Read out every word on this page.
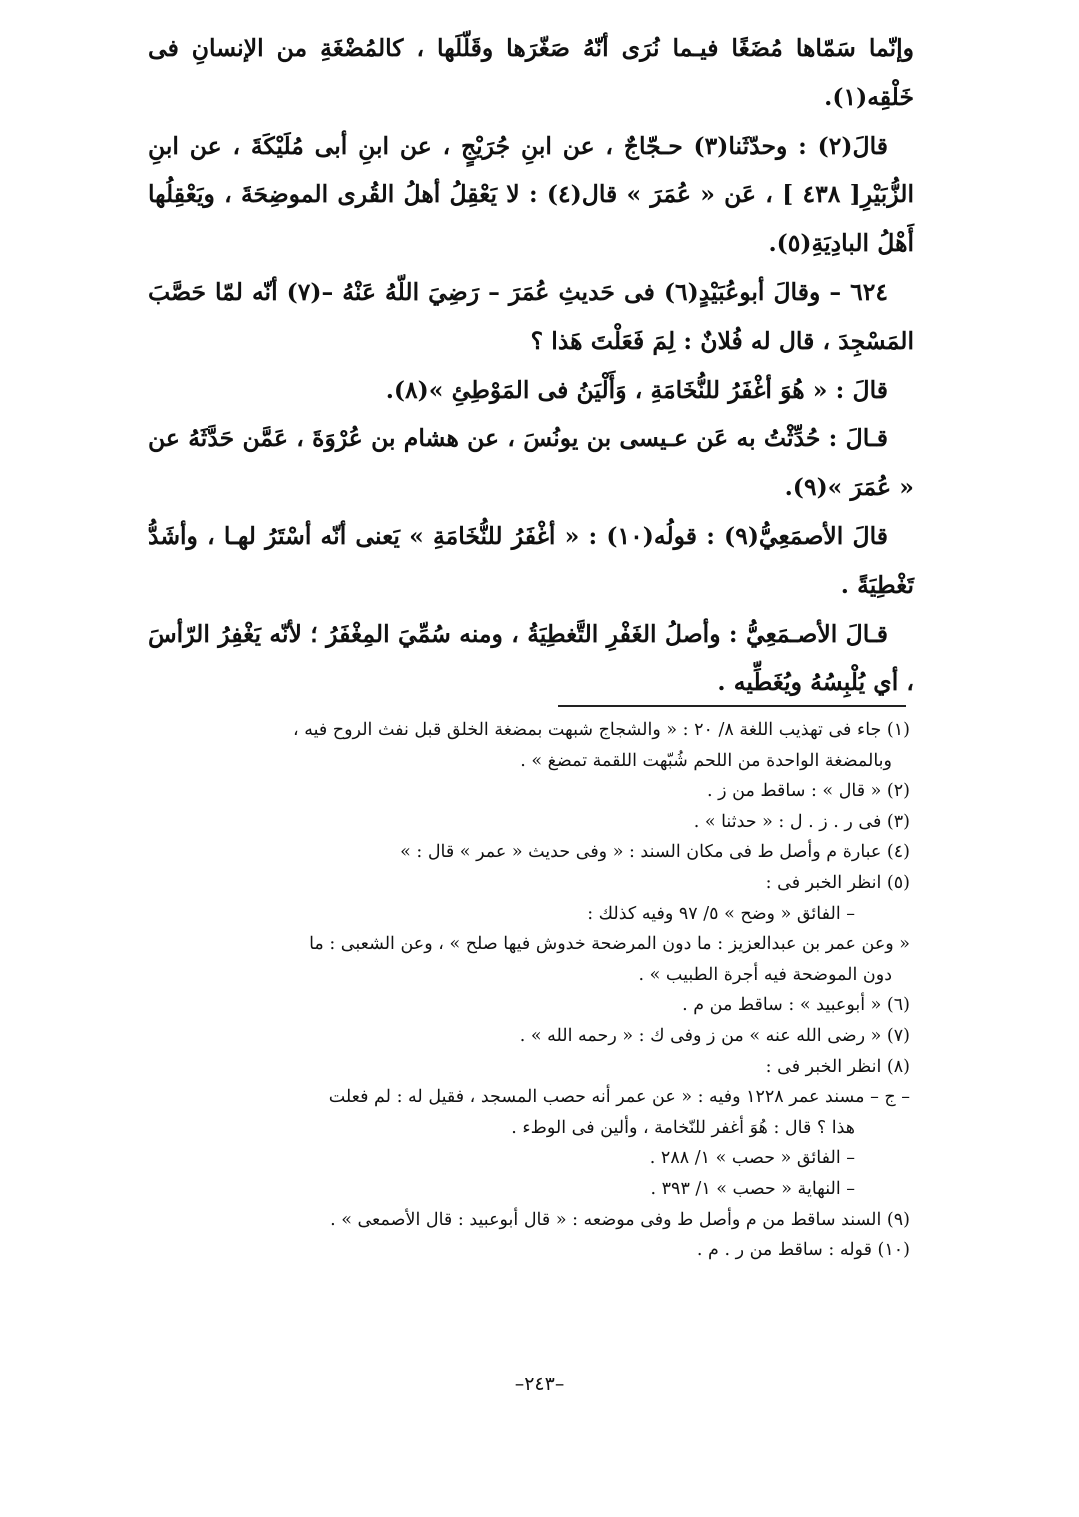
وإنّما سَمّاها مُضَغًا فيـما نُرَى أنّهُ صَغّرَها وقَلّلَها ، كالمُضْغَةِ من الإنسانِ فى خَلْقِه(١).

قالَ(٢) : وحدّثَنا(٣) حـجّاجٌ ، عن ابنِ جُرَيْجٍ ، عن ابنِ أبى مُلَيْكَةَ ، عن ابنِ الزُّبَيْرِ[ ٤٣٨ ] ، عَن « عُمَرَ » قال(٤) : لا يَعْقِلُ أهلُ القُرى الموضِحَةَ ، ويَعْقِلُها أَهْلُ البادِيَةِ(٥).

٦٢٤ – وقالَ أبوعُبَيْدٍ(٦) فى حَديثِ عُمَرَ – رَضِيَ اللّهُ عَنْهُ –(٧) أنّه لمّا حَصَّبَ المَسْجِدَ ، قال له فُلانٌ : لِمَ فَعَلْتَ هَذا ؟

قالَ : « هُوَ أغْفَرُ للنُّخَامَةِ ، وَأَلْيَنُ فى المَوْطِئِ »(٨).

قـالَ : حُدِّثْتُ به عَن عـيسى بن يونُسَ ، عن هشام بن عُرْوَةَ ، عَمَّن حَدَّثَهُ عن « عُمَرَ »(٩).

قالَ الأصمَعِيُّ(٩) : قولُه(١٠) : « أغْفَرُ للنُّخَامَةِ » يَعنى أنّه أسْتَرُ لهـا ، وأشَدُّ تَغْطِيَةً .

قـالَ الأصـمَعِيُّ : وأصلُ الغَفْرِ التَّغطِيَةُ ، ومنه سُمِّيَ المِغْفَرُ ؛ لأنّه يَغْفِرُ الرّأسَ ، أي يُلْبِسُهُ ويُغَطِّيه .

(١) جاء فى تهذيب اللغة ٨/ ٢٠ : « والشجاج شبهت بمضغة الخلق قبل نفث الروح فيه ،

وبالمضغة الواحدة من اللحم شُبّهت اللقمة تمضغ » .

(٢) « قال » : ساقط من ز .

(٣) فى ر . ز . ل : « حدثنا » .

(٤) عبارة م وأصل ط فى مكان السند : « وفى حديث « عمر » قال : »

(٥) انظر الخبر فى :

– الفائق « وضح » ٥/ ٩٧ وفيه كذلك :

« وعن عمر بن عبدالعزيز : ما دون المرضحة خدوش فيها صلح » ، وعن الشعبى : ما

دون الموضحة فيه أجرة الطبيب » .

(٦) « أبوعبيد » : ساقط من م .

(٧) « رضى الله عنه » من ز وفى ك : « رحمه الله » .

(٨) انظر الخبر فى :

– ج – مسند عمر ١٢٢٨ وفيه : « عن عمر أنه حصب المسجد ، فقيل له : لم فعلت

هذا ؟ قال : هُوَ أغفر للنّخامة ، وألين فى الوطء .

– الفائق « حصب » ١/ ٢٨٨ .

– النهاية « حصب » ١/ ٣٩٣ .

(٩) السند ساقط من م وأصل ط وفى موضعه : « قال أبوعبيد : قال الأصمعى » .

(١٠) قوله : ساقط من ر . م .

–٢٤٣–
